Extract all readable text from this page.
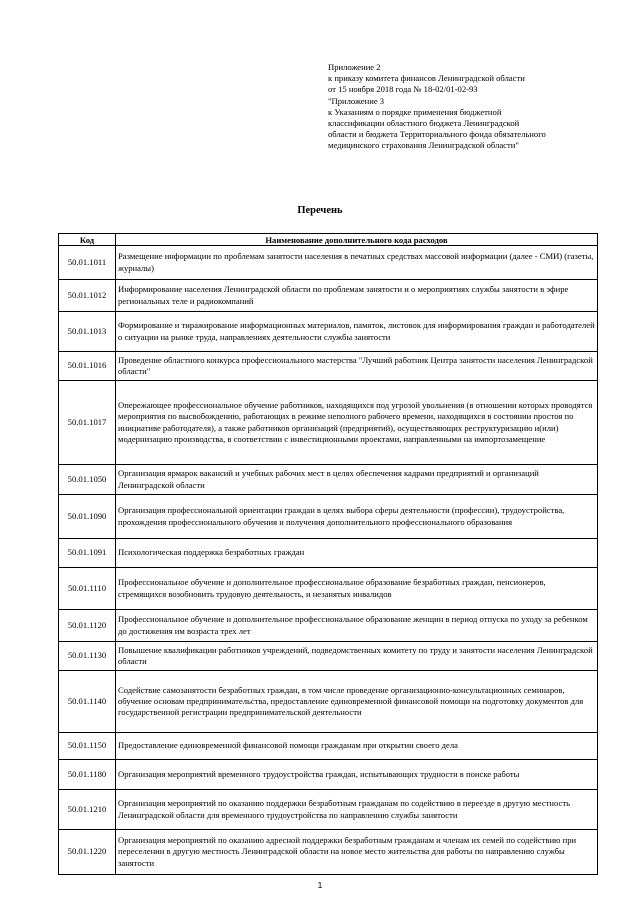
Приложение 2
к приказу комитета финансов Ленинградской области
от 15 ноября 2018 года № 18-02/01-02-93
"Приложение 3
к Указаниям о порядке применения бюджетной
классификации областного бюджета Ленинградской
области и бюджета Территориального фонда обязательного
медицинского страхования Ленинградской области"
Перечень
Код	Наименование дополнительного кода расходов
50.01.1011	Размещение информации по проблемам занятости населения в печатных средствах массовой информации (далее - СМИ) (газеты, журналы)
50.01.1012	Информирование населения Ленинградской области по проблемам занятости и о мероприятиях службы занятости в эфире региональных теле и радиокомпаний
50.01.1013	Формирование и тиражирование информационных материалов, памяток, листовок для информирования граждан и работодателей о ситуации на рынке труда, направлениях деятельности службы занятости
50.01.1016	Проведение областного конкурса профессионального мастерства "Лучший работник Центра занятости населения Ленинградской области"
50.01.1017	Опережающее профессиональное обучение работников, находящихся под угрозой увольнения (в отношении которых проводятся мероприятия по высвобождению, работающих в режиме неполного рабочего времени, находящихся в состоянии простоя по инициативе работодателя), а также работников организаций (предприятий), осуществляющих реструктуризацию и(или) модернизацию производства, в соответствии с инвестиционными проектами, направленными на импортозамещение
50.01.1050	Организация ярмарок вакансий и учебных рабочих мест в целях обеспечения кадрами предприятий и организаций Ленинградской области
50.01.1090	Организация профессиональной ориентации граждан в целях выбора сферы деятельности (профессии), трудоустройства, прохождения профессионального обучения и получения дополнительного профессионального образования
50.01.1091	Психологическая поддержка безработных граждан
50.01.1110	Профессиональное обучение и дополнительное профессиональное образование безработных граждан, пенсионеров, стремящихся возобновить трудовую деятельность, и незанятых инвалидов
50.01.1120	Профессиональное обучение и дополнительное профессиональное образование женщин в период отпуска по уходу за ребенком до достижения им возраста трех лет
50.01.1130	Повышение квалификации работников учреждений, подведомственных комитету по труду и занятости населения Ленинградской области
50.01.1140	Содействие самозанятости безработных граждан, в том числе проведение организационно-консультационных семинаров, обучение основам предпринимательства, предоставление единовременной финансовой помощи на подготовку документов для государственной регистрации предпринимательской деятельности
50.01.1150	Предоставление единовременной финансовой помощи гражданам при открытии своего дела
50.01.1180	Организация мероприятий временного трудоустройства граждан, испытывающих трудности в поиске работы
50.01.1210	Организация мероприятий по оказанию поддержки безработным гражданам по содействию в переезде в другую местность Ленинградской области для временного трудоустройства по направлению службы занятости
50.01.1220	Организация мероприятий по оказанию адресной поддержки безработным гражданам и членам их семей по содействию при переселении в другую местность Ленинградской области на новое место жительства для работы по направлению службы занятости
1
